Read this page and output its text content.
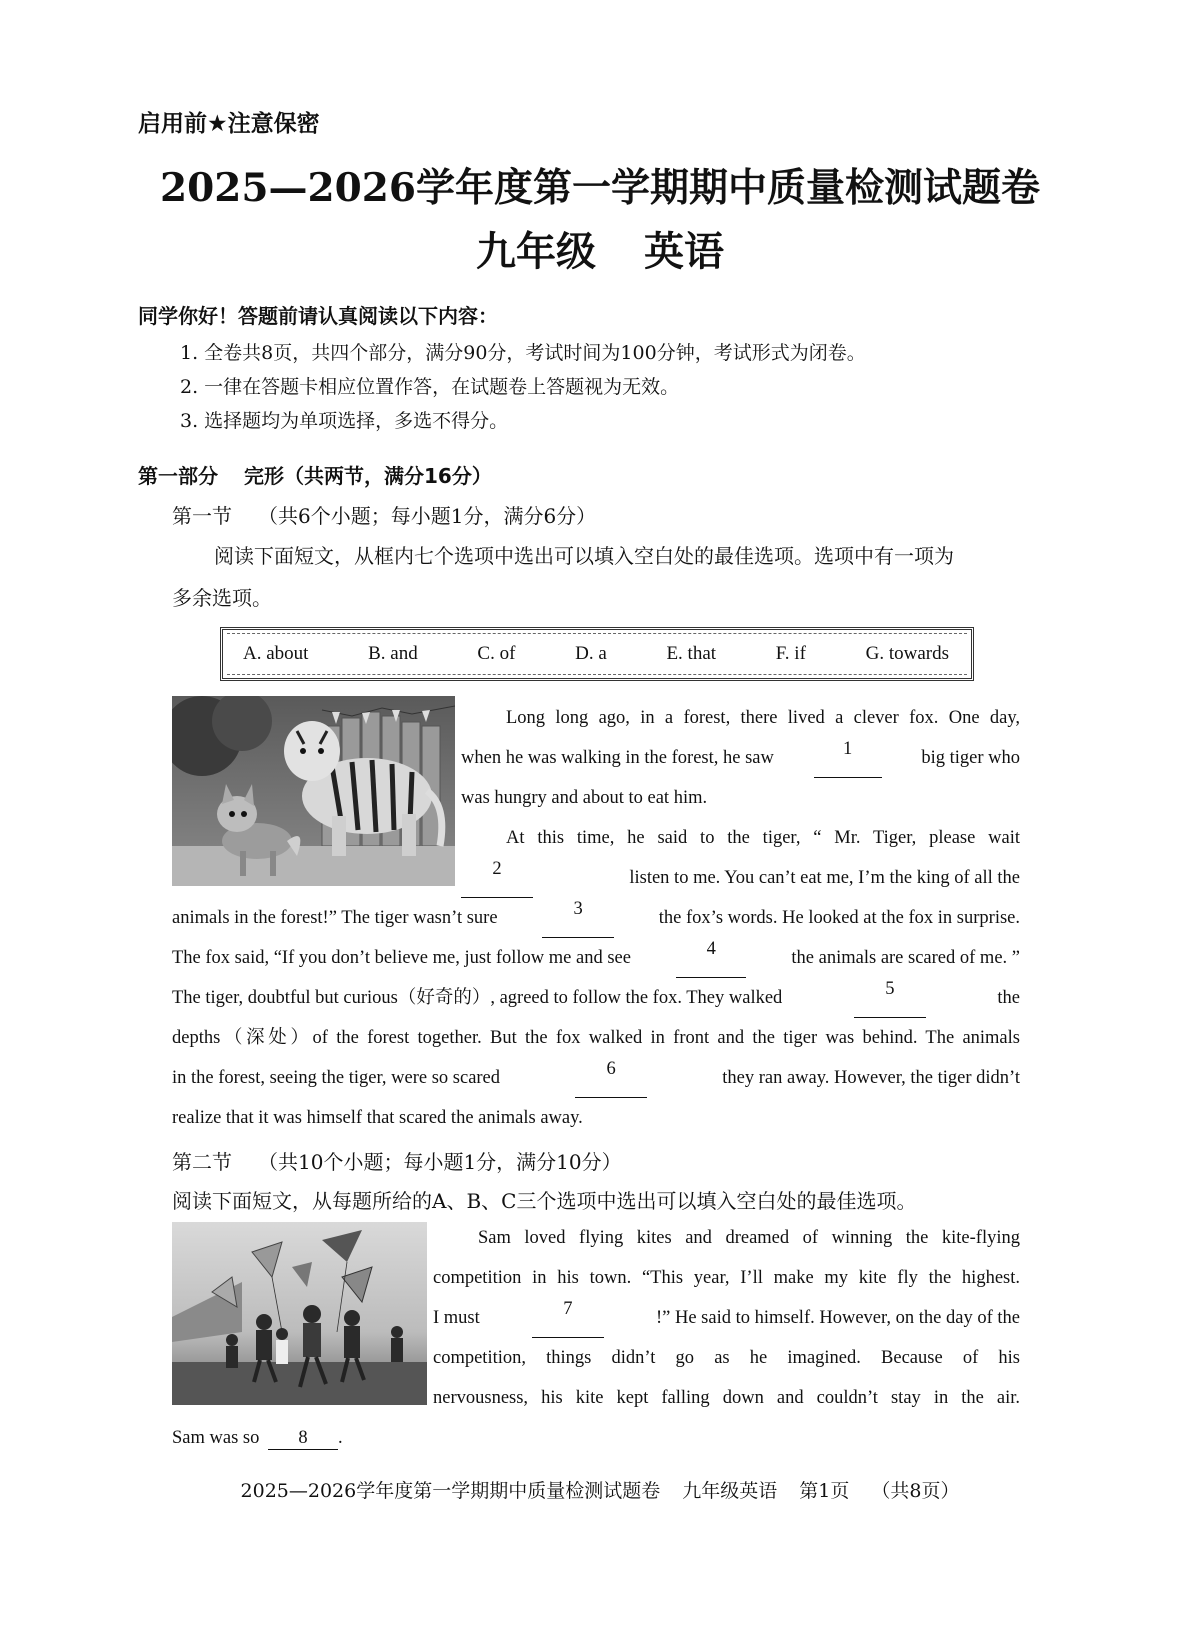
启用前★注意保密
2025—2026学年度第一学期期中质量检测试题卷
九年级 英语
同学你好！答题前请认真阅读以下内容：
1. 全卷共8页，共四个部分，满分90分，考试时间为100分钟，考试形式为闭卷。
2. 一律在答题卡相应位置作答，在试题卷上答题视为无效。
3. 选择题均为单项选择，多选不得分。
第一部分 完形（共两节，满分16分）
第一节 （共6个小题；每小题1分，满分6分）
阅读下面短文，从框内七个选项中选出可以填入空白处的最佳选项。选项中有一项为
多余选项。
A. about	B. and	C. of	D. a	E. that	F. if	G. towards
Long long ago, in a forest, there lived a clever fox. One day,
when he was walking in the forest, he saw	1	big tiger who
was hungry and about to eat him.
At this time, he said to the tiger, “ Mr. Tiger, please wait
2	listen to me. You can’t eat me, I’m the king of all the
animals in the forest!” The tiger wasn’t sure	3	the fox’s words. He looked at the fox in surprise.
The fox said, “If you don’t believe me, just follow me and see	4	the animals are scared of me. ”
The tiger, doubtful but curious（好奇的）, agreed to follow the fox. They walked	5	the
depths（深处）of the forest together. But the fox walked in front and the tiger was behind. The animals
in the forest, seeing the tiger, were so scared	6	they ran away. However, the tiger didn’t
realize that it was himself that scared the animals away.
第二节 （共10个小题；每小题1分，满分10分）
阅读下面短文，从每题所给的A、B、C三个选项中选出可以填入空白处的最佳选项。
Sam loved flying kites and dreamed of winning the kite-flying
competition in his town. “This year, I’ll make my kite fly the highest.
I must	7	!” He said to himself. However, on the day of the
competition, things didn’t go as he imagined. Because of his
nervousness, his kite kept falling down and couldn’t stay in the air.
Sam was so 8 .
2025—2026学年度第一学期期中质量检测试题卷 九年级英语 第1页 （共8页）
